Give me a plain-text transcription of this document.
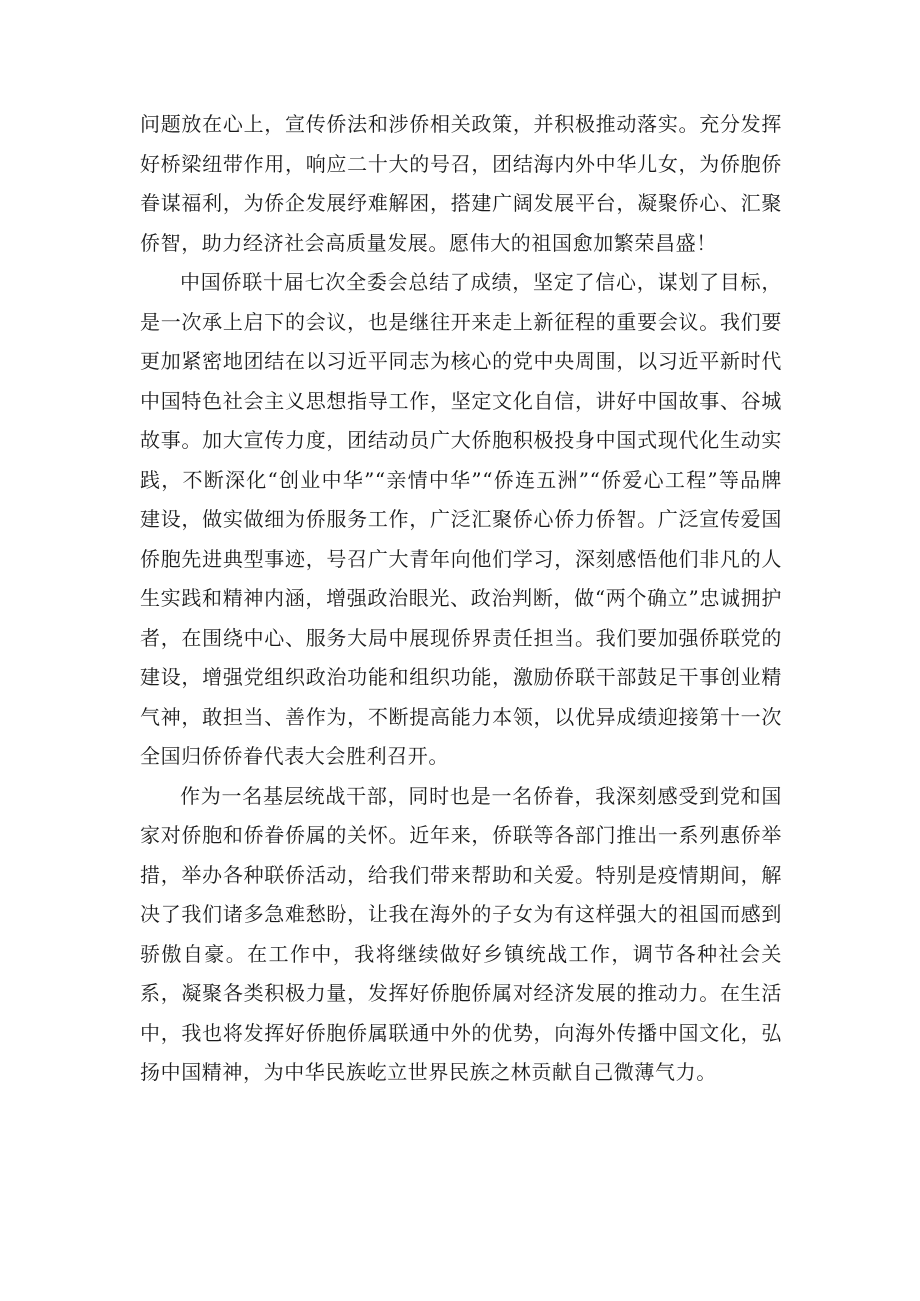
问题放在心上，宣传侨法和涉侨相关政策，并积极推动落实。充分发挥好桥梁纽带作用，响应二十大的号召，团结海内外中华儿女，为侨胞侨眷谋福利，为侨企发展纾难解困，搭建广阔发展平台，凝聚侨心、汇聚侨智，助力经济社会高质量发展。愿伟大的祖国愈加繁荣昌盛！

中国侨联十届七次全委会总结了成绩，坚定了信心，谋划了目标，是一次承上启下的会议，也是继往开来走上新征程的重要会议。我们要更加紧密地团结在以习近平同志为核心的党中央周围，以习近平新时代中国特色社会主义思想指导工作，坚定文化自信，讲好中国故事、谷城故事。加大宣传力度，团结动员广大侨胞积极投身中国式现代化生动实践，不断深化“创业中华”“亲情中华”“侨连五洲”“侨爱心工程”等品牌建设，做实做细为侨服务工作，广泛汇聚侨心侨力侨智。广泛宣传爱国侨胞先进典型事迹，号召广大青年向他们学习，深刻感悟他们非凡的人生实践和精神内涵，增强政治眼光、政治判断，做“两个确立”忠诚拥护者，在围绕中心、服务大局中展现侨界责任担当。我们要加强侨联党的建设，增强党组织政治功能和组织功能，激励侨联干部鼓足干事创业精气神，敢担当、善作为，不断提高能力本领，以优异成绩迎接第十一次全国归侨侨眷代表大会胜利召开。

作为一名基层统战干部，同时也是一名侨眷，我深刻感受到党和国家对侨胞和侨眷侨属的关怀。近年来，侨联等各部门推出一系列惠侨举措，举办各种联侨活动，给我们带来帮助和关爱。特别是疫情期间，解决了我们诸多急难愁盼，让我在海外的子女为有这样强大的祖国而感到骄傲自豪。在工作中，我将继续做好乡镇统战工作，调节各种社会关系，凝聚各类积极力量，发挥好侨胞侨属对经济发展的推动力。在生活中，我也将发挥好侨胞侨属联通中外的优势，向海外传播中国文化，弘扬中国精神，为中华民族屹立世界民族之林贡献自己微薄气力。
